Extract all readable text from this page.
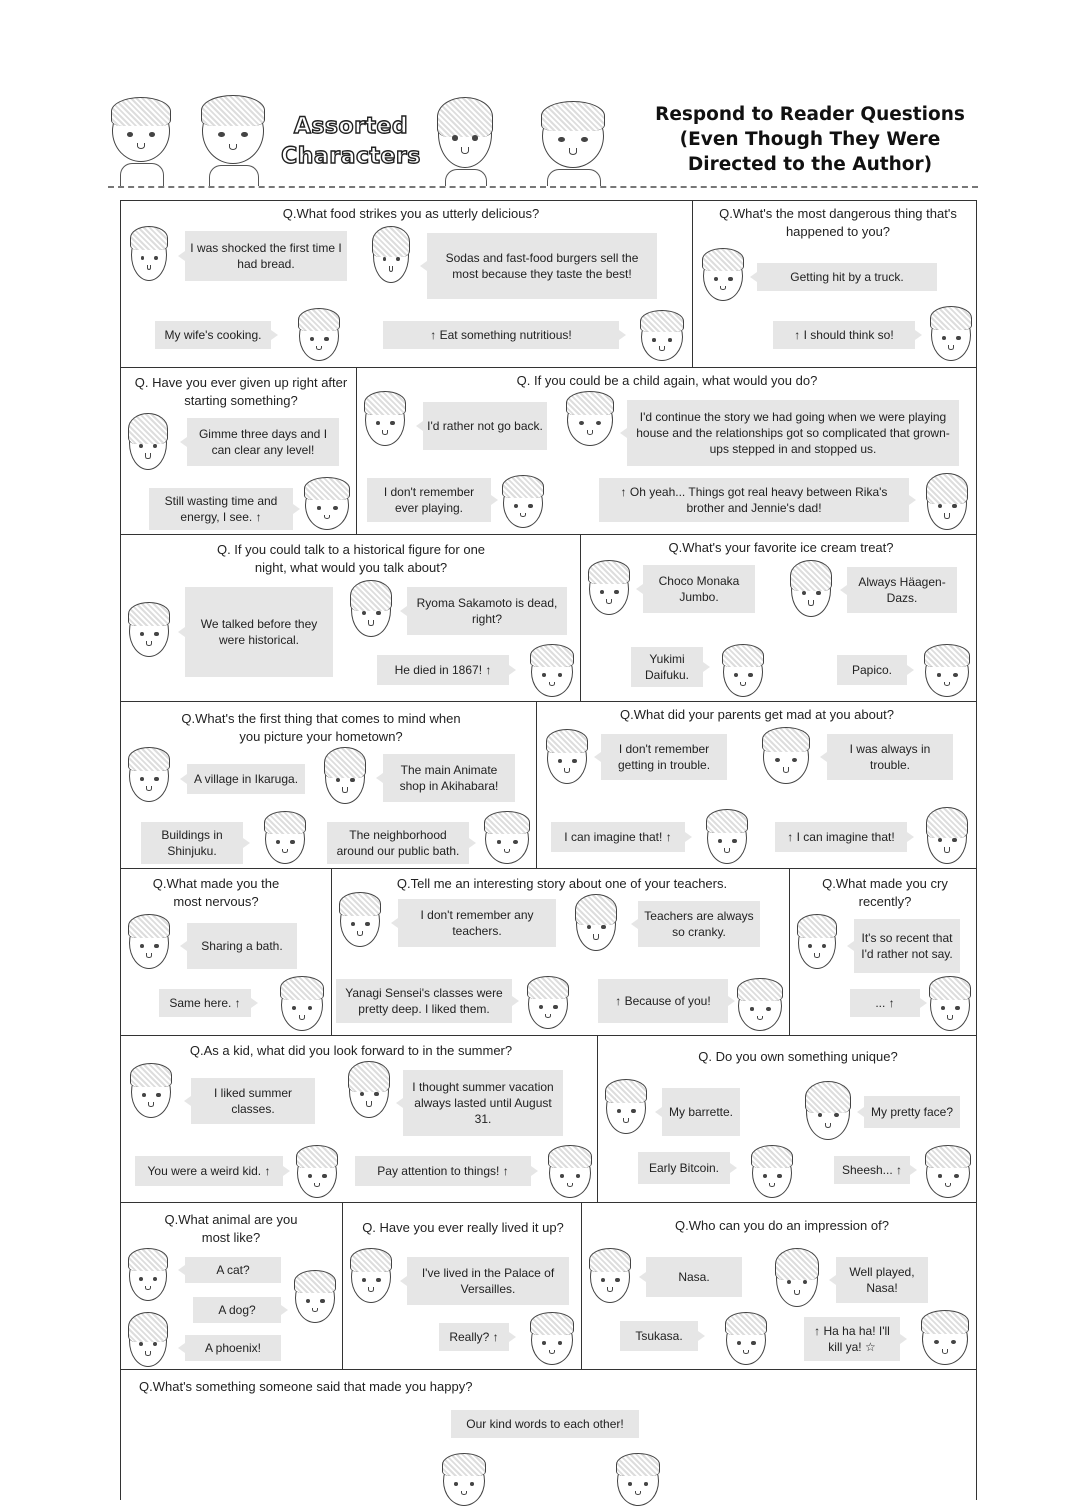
Assorted Characters
Respond to Reader Questions (Even Though They Were Directed to the Author)
Q.What food strikes you as utterly delicious?
I was shocked the first time I had bread.	Sodas and fast-food burgers sell the most because they taste the best!
My wife's cooking.	↑ Eat something nutritious!
Q.What's the most dangerous thing that's happened to you?
Getting hit by a truck.
↑ I should think so!
Q. Have you ever given up right after starting something?
Gimme three days and I can clear any level!
Still wasting time and energy, I see. ↑
Q. If you could be a child again, what would you do?
I'd rather not go back.
I'd continue the story we had going when we were playing house and the relationships got so complicated that grown-ups stepped in and stopped us.
I don't remember ever playing.
↑ Oh yeah... Things got real heavy between Rika's brother and Jennie's dad!
Q. If you could talk to a historical figure for one night, what would you talk about?
We talked before they were historical.
Ryoma Sakamoto is dead, right?
He died in 1867! ↑
Q.What's your favorite ice cream treat?
Choco Monaka Jumbo.
Always Häagen-Dazs.
Yukimi Daifuku.	Papico.
Q.What's the first thing that comes to mind when you picture your hometown?
A village in Ikaruga.
The main Animate shop in Akihabara!
Buildings in Shinjuku.
The neighborhood around our public bath.
Q.What did your parents get mad at you about?
I don't remember getting in trouble.
I was always in trouble.
I can imagine that! ↑	↑ I can imagine that!
Q.What made you the most nervous?
Sharing a bath.
Same here. ↑
Q.Tell me an interesting story about one of your teachers.
I don't remember any teachers.
Teachers are always so cranky.
Yanagi Sensei's classes were pretty deep. I liked them.
↑ Because of you!
Q.What made you cry recently?
It's so recent that I'd rather not say.
... ↑
Q.As a kid, what did you look forward to in the summer?
I liked summer classes.
I thought summer vacation always lasted until August 31.
You were a weird kid. ↑	Pay attention to things! ↑
Q. Do you own something unique?
My barrette.	My pretty face?
Early Bitcoin.	Sheesh... ↑
Q.What animal are you most like?
A cat?
A dog?
A phoenix!
Q. Have you ever really lived it up?
I've lived in the Palace of Versailles.
Really? ↑
Q.Who can you do an impression of?
Nasa.	Well played, Nasa!
Tsukasa.	↑ Ha ha ha! I'll kill ya! ☆
Q.What's something someone said that made you happy?
Our kind words to each other!
